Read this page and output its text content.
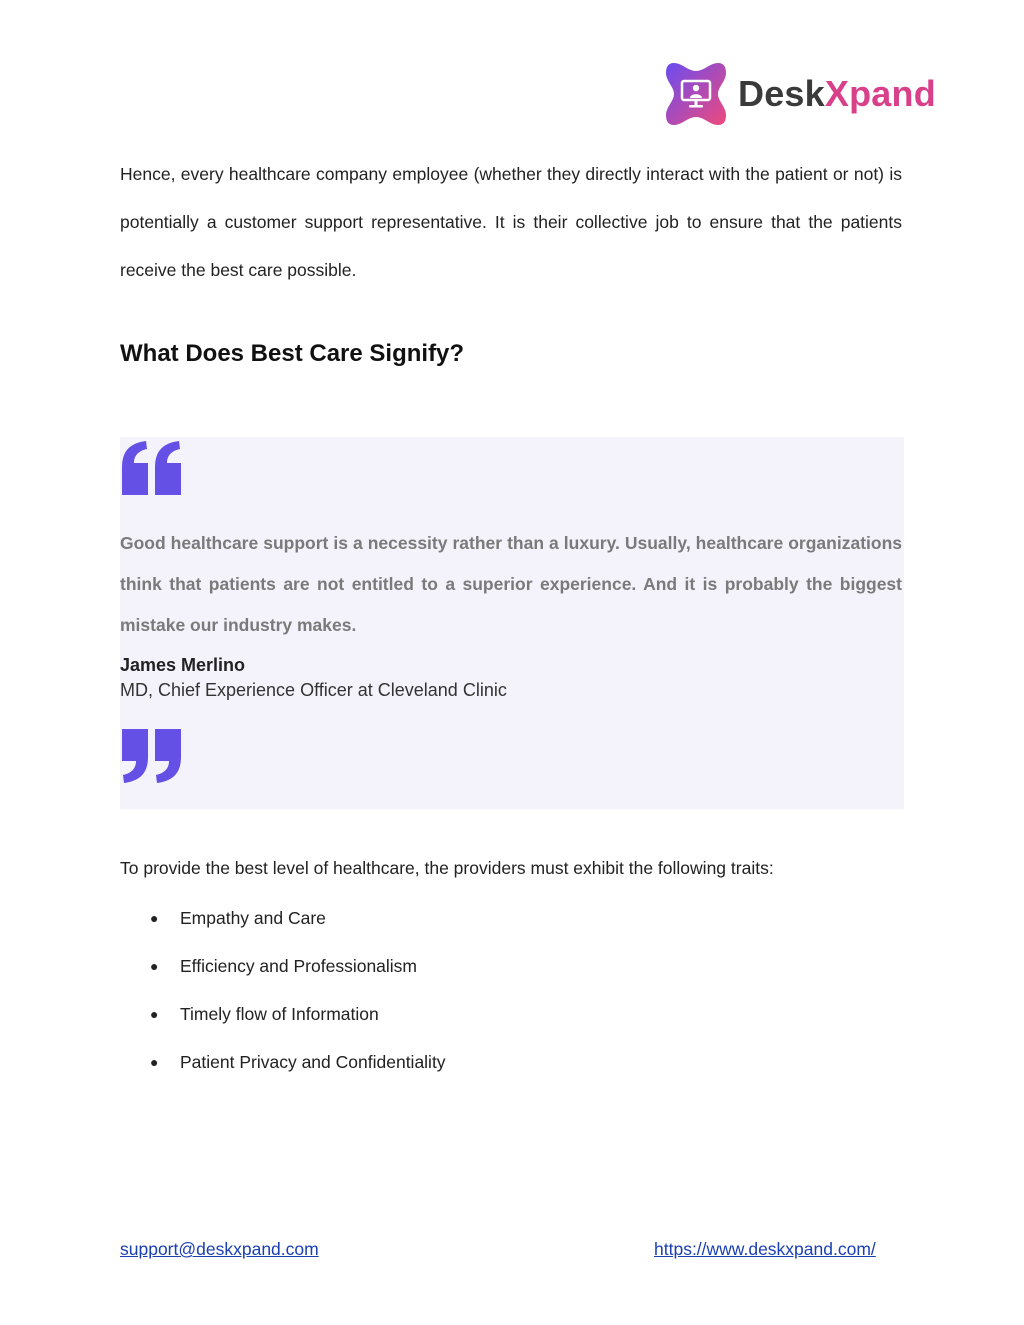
DeskXpand

Hence, every healthcare company employee (whether they directly interact with the patient or not) is potentially a customer support representative. It is their collective job to ensure that the patients receive the best care possible.

What Does Best Care Signify?

Good healthcare support is a necessity rather than a luxury. Usually, healthcare organizations think that patients are not entitled to a superior experience. And it is probably the biggest mistake our industry makes.

James Merlino
MD, Chief Experience Officer at Cleveland Clinic

To provide the best level of healthcare, the providers must exhibit the following traits:

● Empathy and Care
● Efficiency and Professionalism
● Timely flow of Information
● Patient Privacy and Confidentiality
support@deskxpand.com	https://www.deskxpand.com/
